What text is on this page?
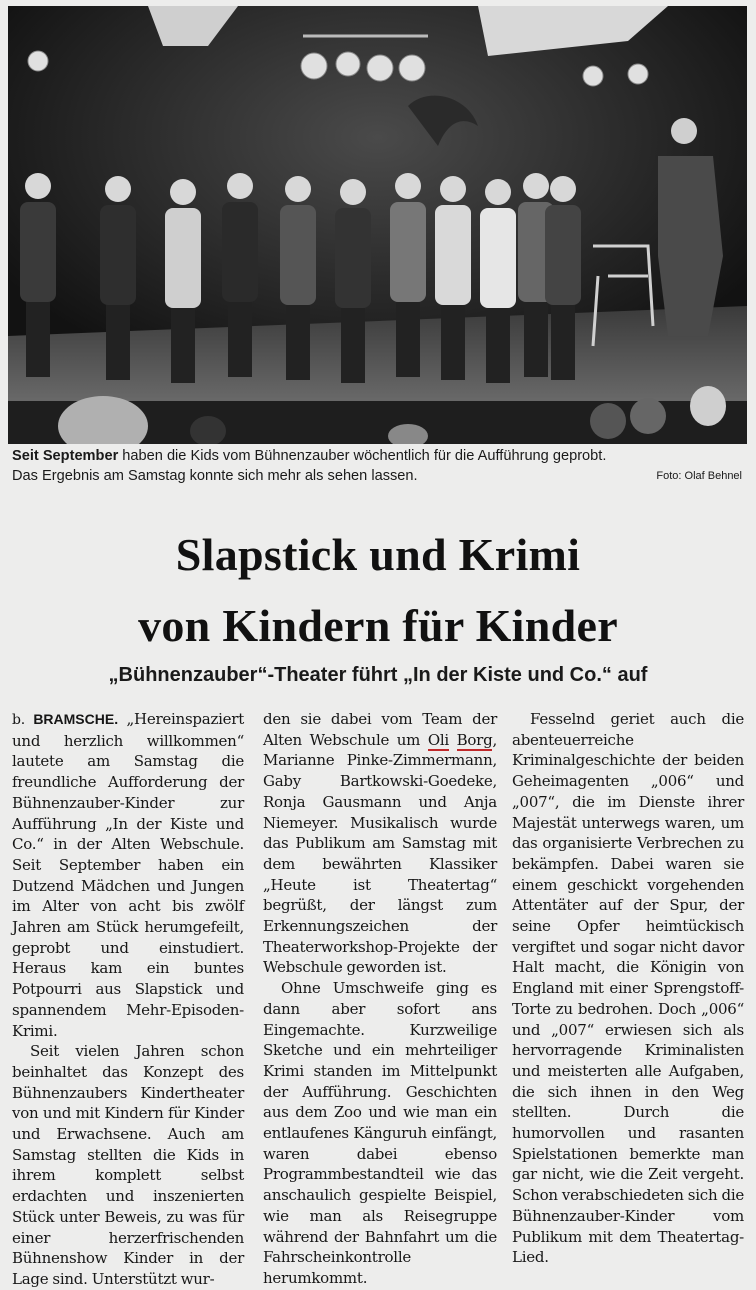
Seit September haben die Kids vom Bühnenzauber wöchentlich für die Aufführung geprobt.
Das Ergebnis am Samstag konnte sich mehr als sehen lassen.	Foto: Olaf Behnel
Slapstick und Krimi
von Kindern für Kinder
„Bühnenzauber“-Theater führt „In der Kiste und Co.“ auf

b. BRAMSCHE. „Hereinspaziert und herzlich willkommen“ lautete am Samstag die freundliche Aufforderung der Bühnenzauber-Kinder zur Aufführung „In der Kiste und Co.“ in der Alten Webschule. Seit September haben ein Dutzend Mädchen und Jungen im Alter von acht bis zwölf Jahren am Stück herumgefeilt, geprobt und einstudiert. Heraus kam ein buntes Potpourri aus Slapstick und spannendem Mehr-Episoden-Krimi.

Seit vielen Jahren schon beinhaltet das Konzept des Bühnenzaubers Kindertheater von und mit Kindern für Kinder und Erwachsene. Auch am Samstag stellten die Kids in ihrem komplett selbst erdachten und inszenierten Stück unter Beweis, zu was für einer herzerfrischenden Bühnenshow Kinder in der Lage sind. Unterstützt wur-

den sie dabei vom Team der Alten Webschule um Oli Borg, Marianne Pinke-Zimmermann, Gaby Bartkowski-Goedeke, Ronja Gausmann und Anja Niemeyer. Musikalisch wurde das Publikum am Samstag mit dem bewährten Klassiker „Heute ist Theatertag“ begrüßt, der längst zum Erkennungszeichen der Theaterworkshop-Projekte der Webschule geworden ist.

Ohne Umschweife ging es dann aber sofort ans Eingemachte. Kurzweilige Sketche und ein mehrteiliger Krimi standen im Mittelpunkt der Aufführung. Geschichten aus dem Zoo und wie man ein entlaufenes Känguruh einfängt, waren dabei ebenso Programmbestandteil wie das anschaulich gespielte Beispiel, wie man als Reisegruppe während der Bahnfahrt um die Fahrscheinkontrolle herumkommt.

Fesselnd geriet auch die abenteuerreiche Kriminalgeschichte der beiden Geheimagenten „006“ und „007“, die im Dienste ihrer Majestät unterwegs waren, um das organisierte Verbrechen zu bekämpfen. Dabei waren sie einem geschickt vorgehenden Attentäter auf der Spur, der seine Opfer heimtückisch vergiftet und sogar nicht davor Halt macht, die Königin von England mit einer Sprengstoff-Torte zu bedrohen. Doch „006“ und „007“ erwiesen sich als hervorragende Kriminalisten und meisterten alle Aufgaben, die sich ihnen in den Weg stellten. Durch die humorvollen und rasanten Spielstationen bemerkte man gar nicht, wie die Zeit vergeht. Schon verabschiedeten sich die Bühnenzauber-Kinder vom Publikum mit dem Theatertag-Lied.
